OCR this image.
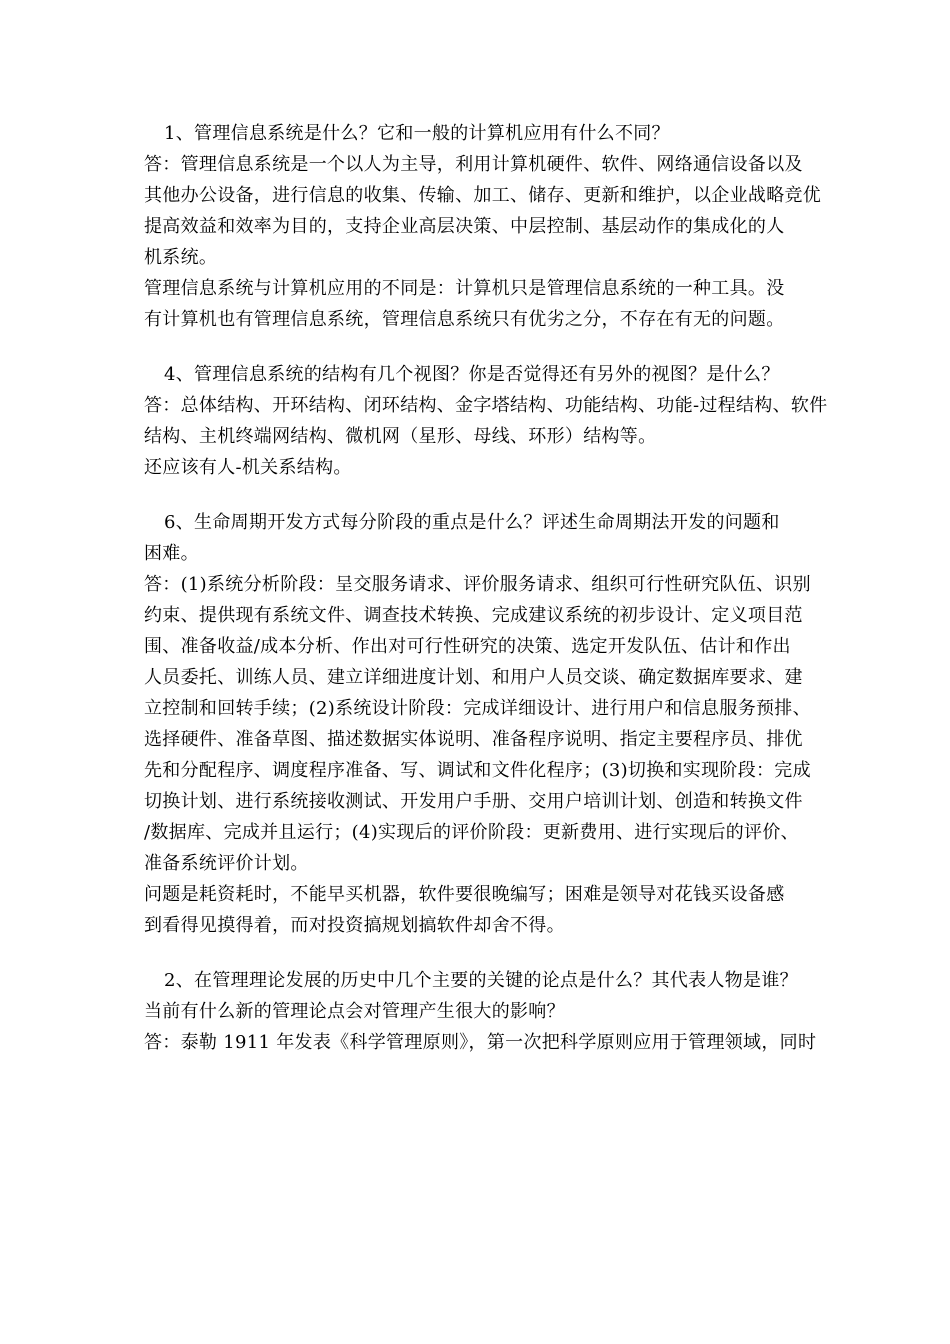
1、管理信息系统是什么？它和一般的计算机应用有什么不同？
答：管理信息系统是一个以人为主导，利用计算机硬件、软件、网络通信设备以及
其他办公设备，进行信息的收集、传输、加工、储存、更新和维护，以企业战略竞优
提高效益和效率为目的，支持企业高层决策、中层控制、基层动作的集成化的人
机系统。
管理信息系统与计算机应用的不同是：计算机只是管理信息系统的一种工具。没
有计算机也有管理信息系统，管理信息系统只有优劣之分，不存在有无的问题。
4、管理信息系统的结构有几个视图？你是否觉得还有另外的视图？是什么？
答：总体结构、开环结构、闭环结构、金字塔结构、功能结构、功能-过程结构、软件
结构、主机终端网结构、微机网（星形、母线、环形）结构等。
还应该有人-机关系结构。
6、生命周期开发方式每分阶段的重点是什么？评述生命周期法开发的问题和
困难。
答：(1)系统分析阶段：呈交服务请求、评价服务请求、组织可行性研究队伍、识别
约束、提供现有系统文件、调查技术转换、完成建议系统的初步设计、定义项目范
围、准备收益/成本分析、作出对可行性研究的决策、选定开发队伍、估计和作出
人员委托、训练人员、建立详细进度计划、和用户人员交谈、确定数据库要求、建
立控制和回转手续；(2)系统设计阶段：完成详细设计、进行用户和信息服务预排、
选择硬件、准备草图、描述数据实体说明、准备程序说明、指定主要程序员、排优
先和分配程序、调度程序准备、写、调试和文件化程序；(3)切换和实现阶段：完成
切换计划、进行系统接收测试、开发用户手册、交用户培训计划、创造和转换文件
/数据库、完成并且运行；(4)实现后的评价阶段：更新费用、进行实现后的评价、
准备系统评价计划。
问题是耗资耗时，不能早买机器，软件要很晚编写；困难是领导对花钱买设备感
到看得见摸得着，而对投资搞规划搞软件却舍不得。
2、在管理理论发展的历史中几个主要的关键的论点是什么？其代表人物是谁？
当前有什么新的管理论点会对管理产生很大的影响？
答：泰勒 1911 年发表《科学管理原则》，第一次把科学原则应用于管理领域，同时
